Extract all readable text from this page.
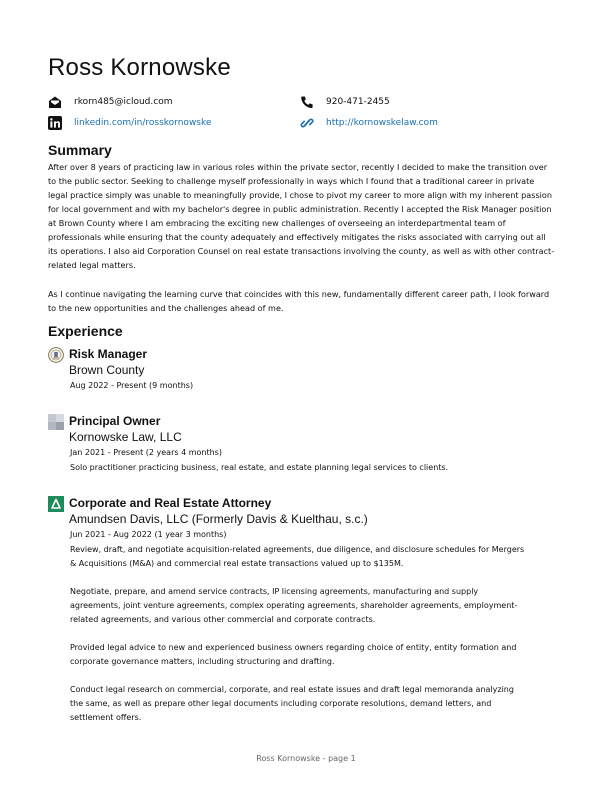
Ross Kornowske
rkorn485@icloud.com	920-471-2455
linkedin.com/in/rosskornowske	http://kornowskelaw.com
Summary

After over 8 years of practicing law in various roles within the private sector, recently I decided to make the transition over to the public sector. Seeking to challenge myself professionally in ways which I found that a traditional career in private legal practice simply was unable to meaningfully provide, I chose to pivot my career to more align with my inherent passion for local government and with my bachelor's degree in public administration. Recently I accepted the Risk Manager position at Brown County where I am embracing the exciting new challenges of overseeing an interdepartmental team of professionals while ensuring that the county adequately and effectively mitigates the risks associated with carrying out all its operations. I also aid Corporation Counsel on real estate transactions involving the county, as well as with other contract-related legal matters.

As I continue navigating the learning curve that coincides with this new, fundamentally different career path, I look forward to the new opportunities and the challenges ahead of me.

Experience
Risk Manager
Brown County
Aug 2022 - Present (9 months)
Principal Owner
Kornowske Law, LLC
Jan 2021 - Present (2 years 4 months)

Solo practitioner practicing business, real estate, and estate planning legal services to clients.

Corporate and Real Estate Attorney
Amundsen Davis, LLC (Formerly Davis & Kuelthau, s.c.)
Jun 2021 - Aug 2022 (1 year 3 months)

Review, draft, and negotiate acquisition-related agreements, due diligence, and disclosure schedules for Mergers & Acquisitions (M&A) and commercial real estate transactions valued up to $135M.

Negotiate, prepare, and amend service contracts, IP licensing agreements, manufacturing and supply agreements, joint venture agreements, complex operating agreements, shareholder agreements, employment-related agreements, and various other commercial and corporate contracts.

Provided legal advice to new and experienced business owners regarding choice of entity, entity formation and corporate governance matters, including structuring and drafting.

Conduct legal research on commercial, corporate, and real estate issues and draft legal memoranda analyzing the same, as well as prepare other legal documents including corporate resolutions, demand letters, and settlement offers.

Ross Kornowske - page 1
